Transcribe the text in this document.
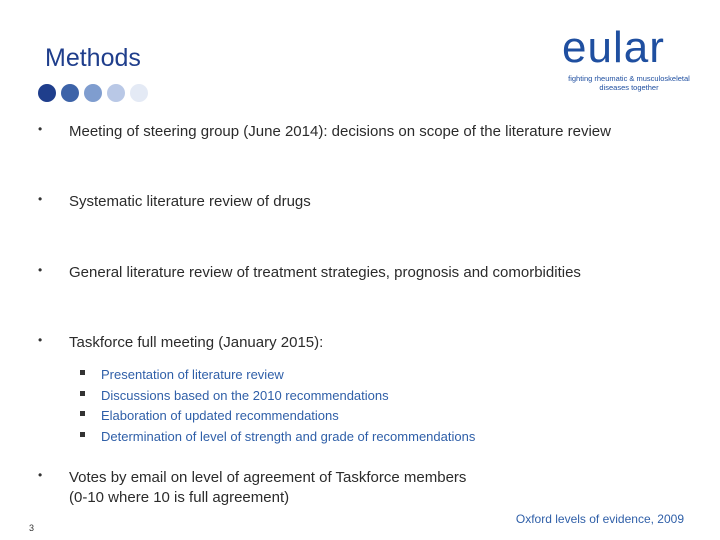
Methods	eular
fighting rheumatic & musculoskeletal
diseases together
• Meeting of steering group (June 2014): decisions on scope of the literature review
• Systematic literature review of drugs
• General literature review of treatment strategies, prognosis and comorbidities
• Taskforce full meeting (January 2015):
• Votes by email on level of agreement of Taskforce members
(0-10 where 10 is full agreement)
Presentation of literature review
Discussions based on the 2010 recommendations
Elaboration of updated recommendations
Determination of level of strength and grade of recommendations
3
Oxford levels of evidence, 2009
